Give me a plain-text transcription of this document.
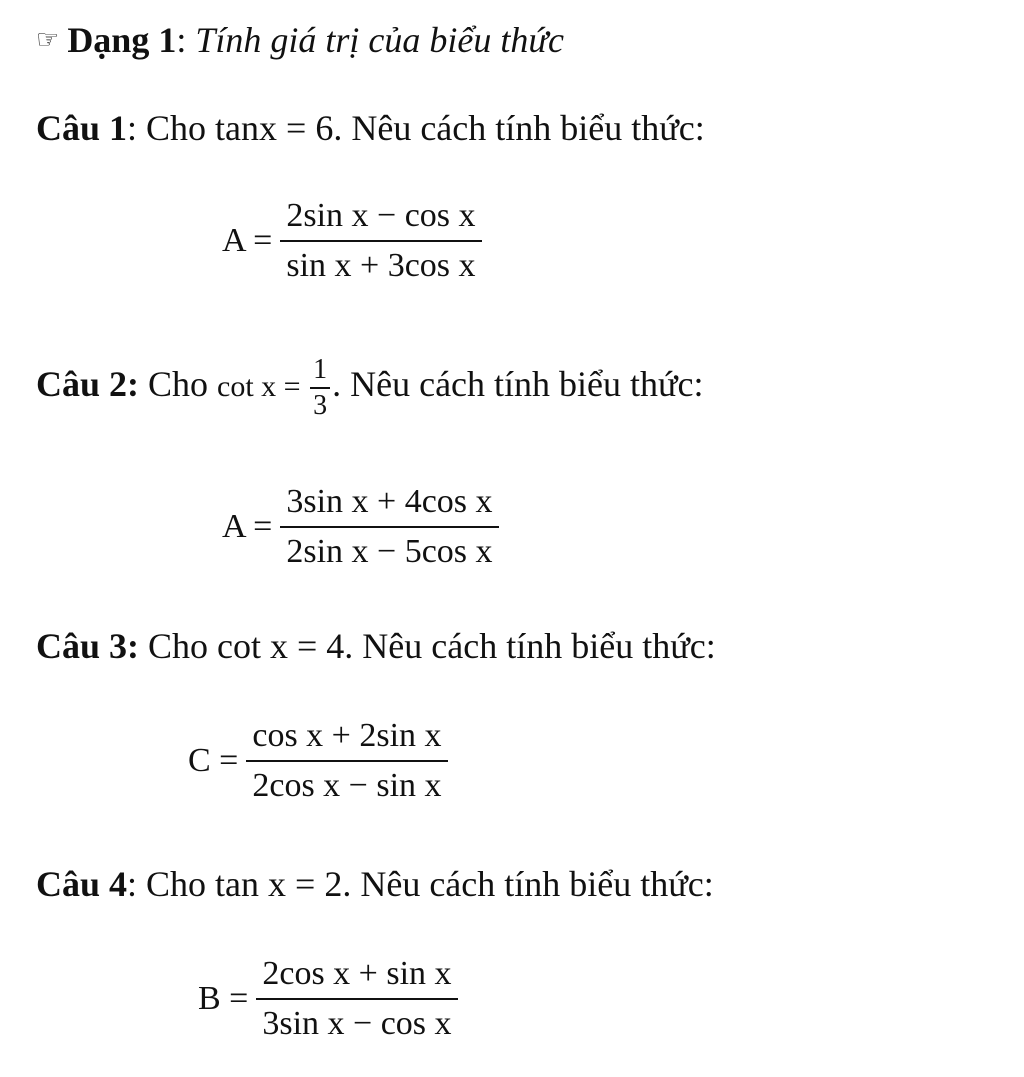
☞ Dạng 1: Tính giá trị của biểu thức
Câu 1: Cho tanx = 6. Nêu cách tính biểu thức:
$A = \frac{\text{2sin x − cos x}}{\text{sin x + 3cos x}}$
Câu 2: Cho $\cot x = \frac{1}{3}$ . Nêu cách tính biểu thức:
$A = \frac{\text{3sin x + 4cos x}}{\text{2sin x − 5cos x}}$
Câu 3: Cho cot x = 4. Nêu cách tính biểu thức:
$C = \frac{\text{cos x + 2sin x}}{\text{2cos x − sin x}}$
Câu 4: Cho tan x = 2. Nêu cách tính biểu thức:
$B = \frac{\text{2cos x + sin x}}{\text{3sin x − cos x}}$
